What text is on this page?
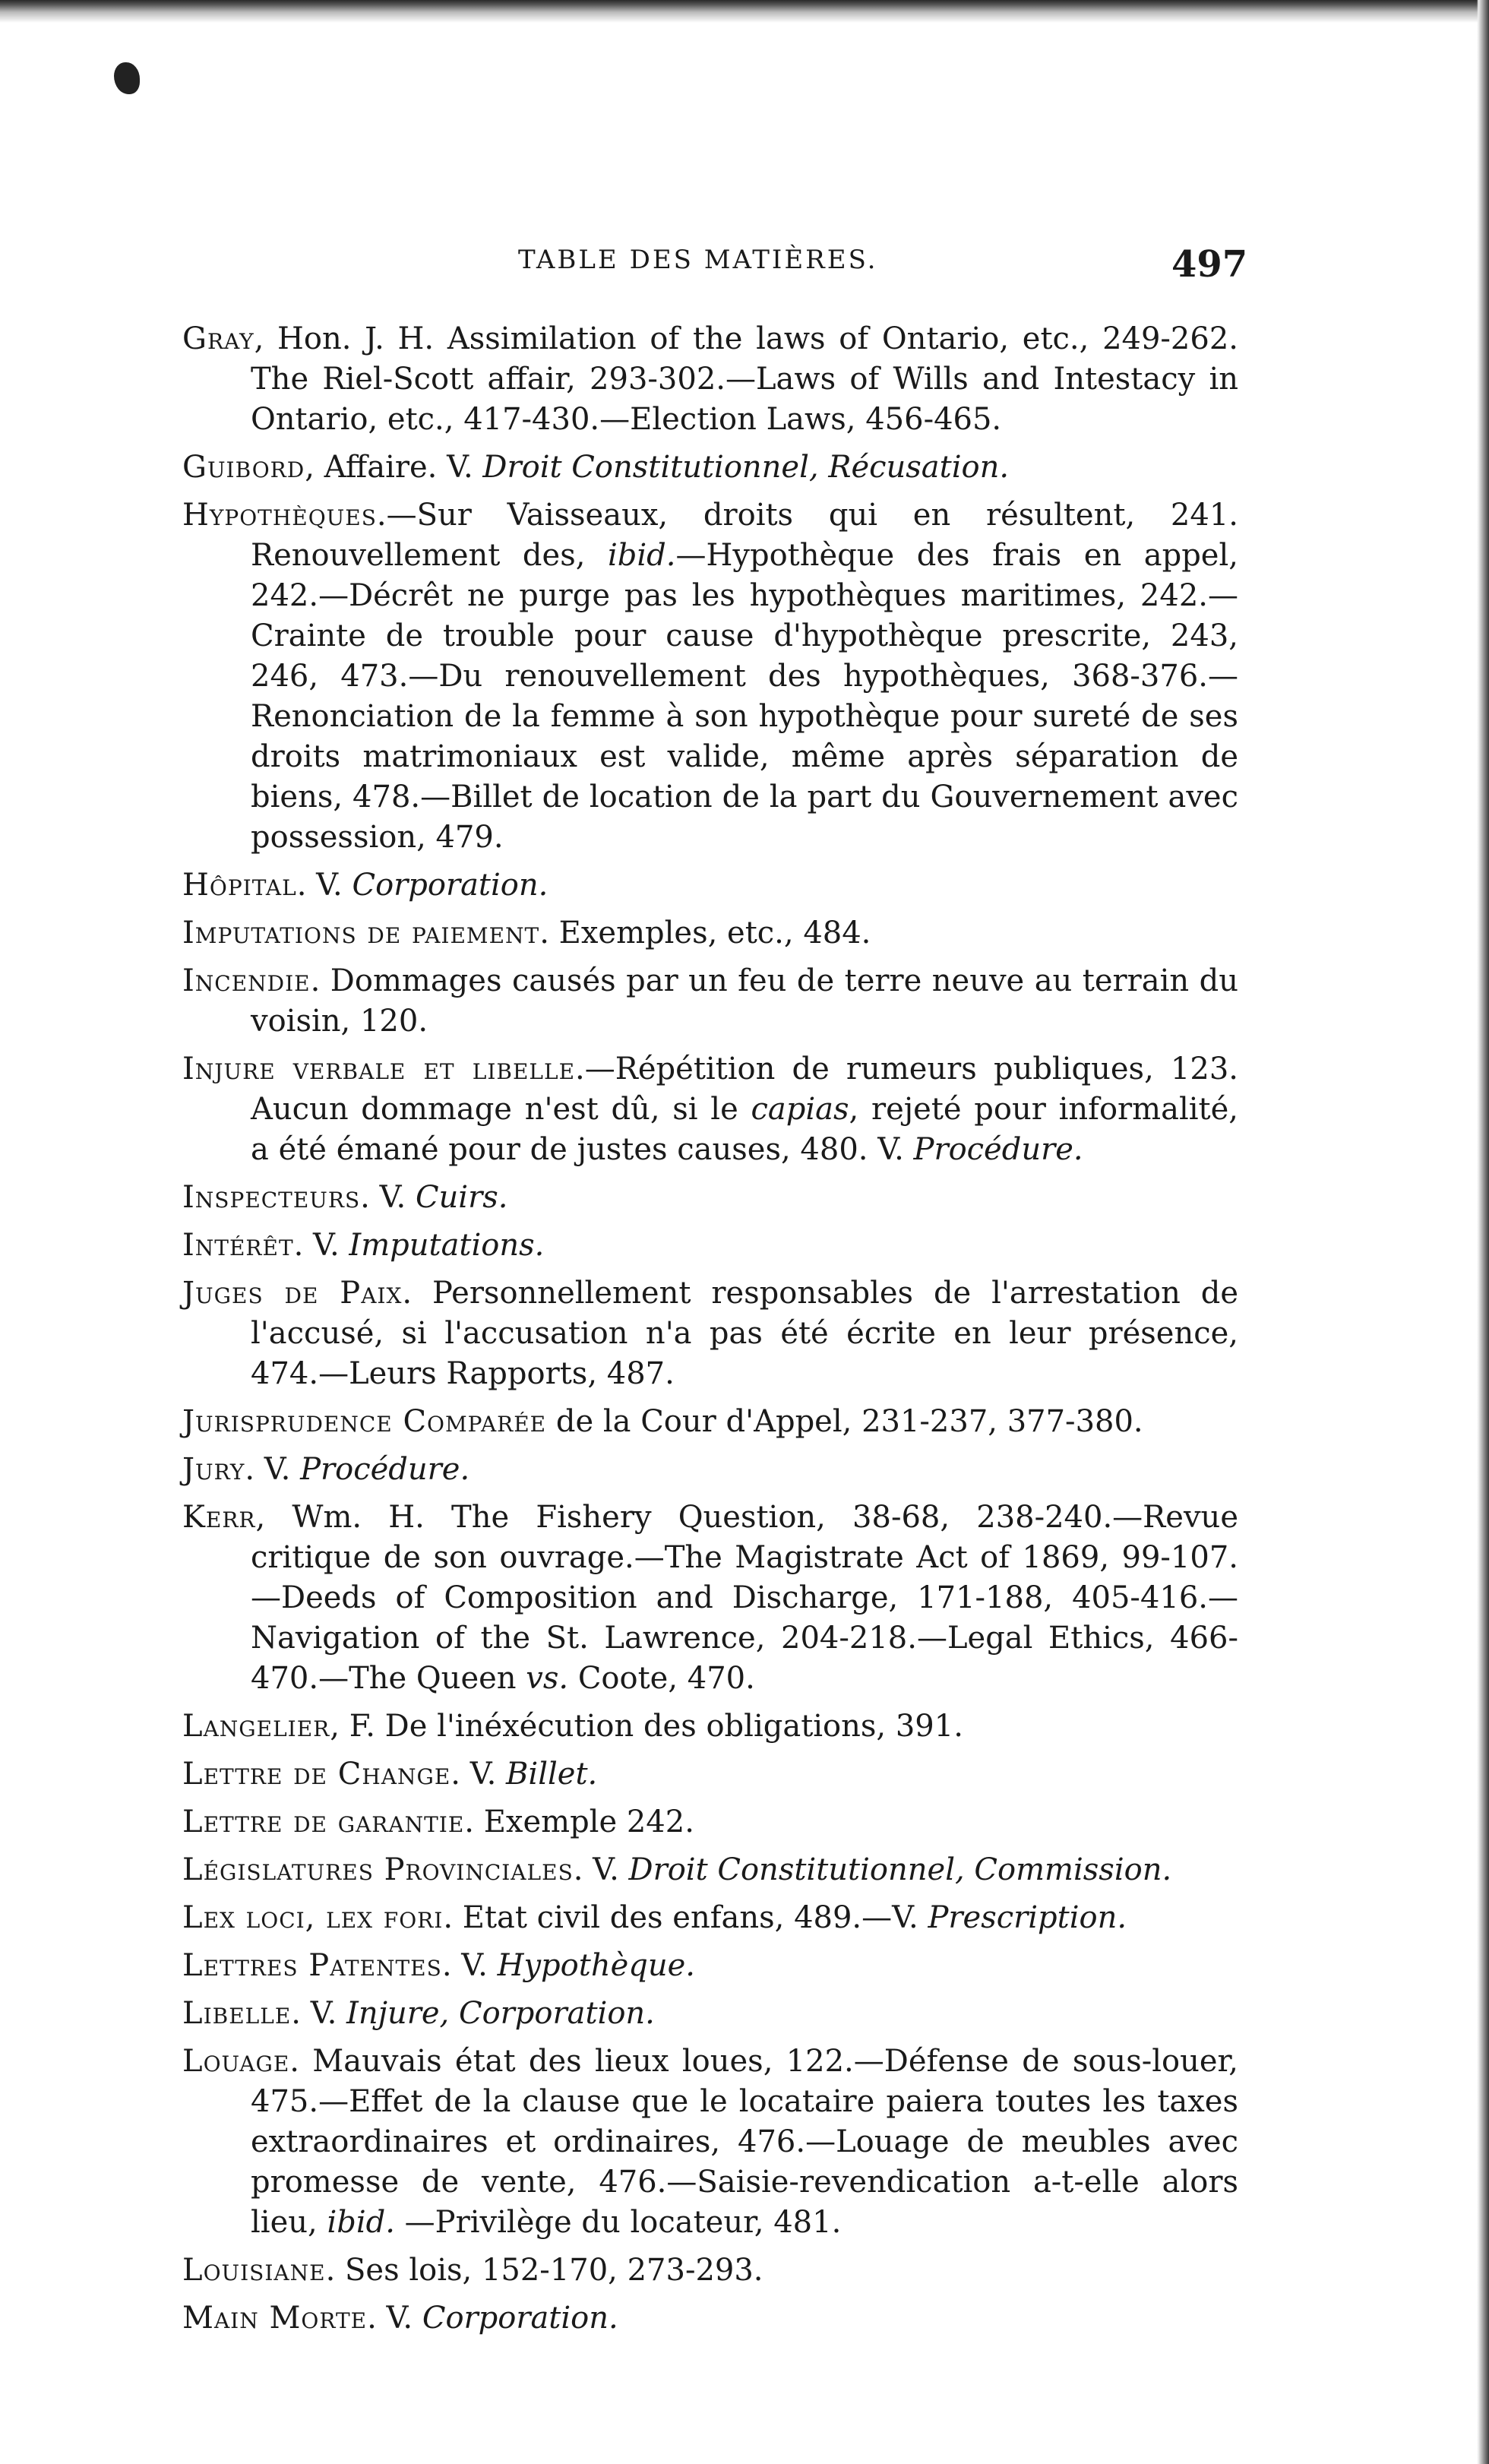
TABLE DES MATIÈRES.	497
Gray, Hon. J. H. Assimilation of the laws of Ontario, etc., 249-262. The Riel-Scott affair, 293-302.—Laws of Wills and Intestacy in Ontario, etc., 417-430.—Election Laws, 456-465.
Guibord, Affaire. V. Droit Constitutionnel, Récusation.
Hypothèques.—Sur Vaisseaux, droits qui en résultent, 241. Renouvellement des, ibid.—Hypothèque des frais en appel, 242.—Décrêt ne purge pas les hypothèques maritimes, 242.—Crainte de trouble pour cause d'hypothèque prescrite, 243, 246, 473.—Du renouvellement des hypothèques, 368-376.—Renonciation de la femme à son hypothèque pour sureté de ses droits matrimoniaux est valide, même après séparation de biens, 478.—Billet de location de la part du Gouvernement avec possession, 479.
Hôpital. V. Corporation.
Imputations de paiement. Exemples, etc., 484.
Incendie. Dommages causés par un feu de terre neuve au terrain du voisin, 120.
Injure verbale et libelle.—Répétition de rumeurs publiques, 123. Aucun dommage n'est dû, si le capias, rejeté pour informalité, a été émané pour de justes causes, 480. V. Procédure.
Inspecteurs. V. Cuirs.
Intérêt. V. Imputations.
Juges de Paix. Personnellement responsables de l'arrestation de l'accusé, si l'accusation n'a pas été écrite en leur présence, 474.—Leurs Rapports, 487.
Jurisprudence Comparée de la Cour d'Appel, 231-237, 377-380.
Jury. V. Procédure.
Kerr, Wm. H. The Fishery Question, 38-68, 238-240.—Revue critique de son ouvrage.—The Magistrate Act of 1869, 99-107.—Deeds of Composition and Discharge, 171-188, 405-416.—Navigation of the St. Lawrence, 204-218.—Legal Ethics, 466-470.—The Queen vs. Coote, 470.
Langelier, F. De l'inéxécution des obligations, 391.
Lettre de Change. V. Billet.
Lettre de garantie. Exemple 242.
Législatures Provinciales. V. Droit Constitutionnel, Commission.
Lex loci, lex fori. Etat civil des enfans, 489.—V. Prescription.
Lettres Patentes. V. Hypothèque.
Libelle. V. Injure, Corporation.
Louage. Mauvais état des lieux loues, 122.—Défense de sous-louer, 475.—Effet de la clause que le locataire paiera toutes les taxes extraordinaires et ordinaires, 476.—Louage de meubles avec promesse de vente, 476.—Saisie-revendication a-t-elle alors lieu, ibid. —Privilège du locateur, 481.
Louisiane. Ses lois, 152-170, 273-293.
Main Morte. V. Corporation.
